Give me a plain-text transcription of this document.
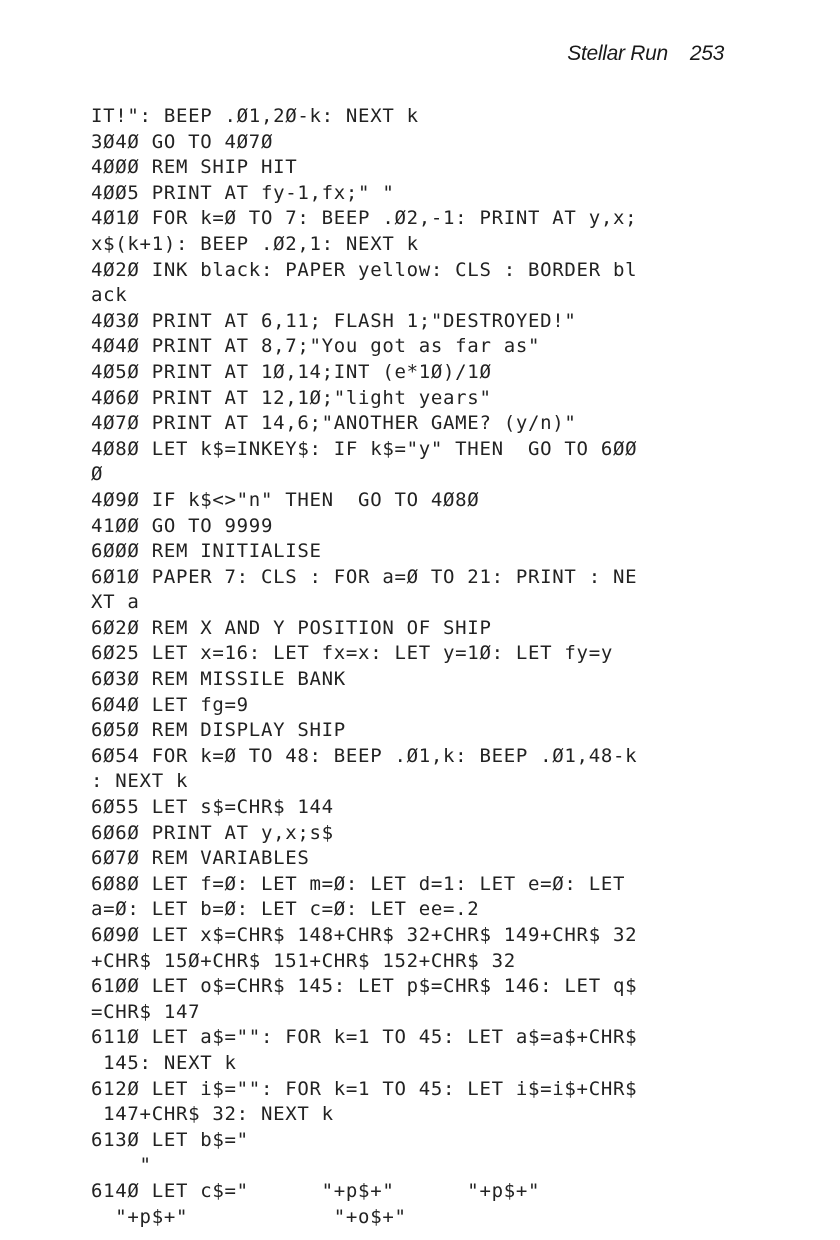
Stellar Run 253
IT!": BEEP .Ø1,2Ø-k: NEXT k
3Ø4Ø GO TO 4Ø7Ø
4ØØØ REM SHIP HIT
4ØØ5 PRINT AT fy-1,fx;" "
4Ø1Ø FOR k=Ø TO 7: BEEP .Ø2,-1: PRINT AT y,x;
x$(k+1): BEEP .Ø2,1: NEXT k
4Ø2Ø INK black: PAPER yellow: CLS : BORDER bl
ack
4Ø3Ø PRINT AT 6,11; FLASH 1;"DESTROYED!"
4Ø4Ø PRINT AT 8,7;"You got as far as"
4Ø5Ø PRINT AT 1Ø,14;INT (e*1Ø)/1Ø
4Ø6Ø PRINT AT 12,1Ø;"light years"
4Ø7Ø PRINT AT 14,6;"ANOTHER GAME? (y/n)"
4Ø8Ø LET k$=INKEY$: IF k$="y" THEN  GO TO 6ØØ
Ø
4Ø9Ø IF k$<>"n" THEN  GO TO 4Ø8Ø
41ØØ GO TO 9999
6ØØØ REM INITIALISE
6Ø1Ø PAPER 7: CLS : FOR a=Ø TO 21: PRINT : NE
XT a
6Ø2Ø REM X AND Y POSITION OF SHIP
6Ø25 LET x=16: LET fx=x: LET y=1Ø: LET fy=y
6Ø3Ø REM MISSILE BANK
6Ø4Ø LET fg=9
6Ø5Ø REM DISPLAY SHIP
6Ø54 FOR k=Ø TO 48: BEEP .Ø1,k: BEEP .Ø1,48-k
: NEXT k
6Ø55 LET s$=CHR$ 144
6Ø6Ø PRINT AT y,x;s$
6Ø7Ø REM VARIABLES
6Ø8Ø LET f=Ø: LET m=Ø: LET d=1: LET e=Ø: LET
a=Ø: LET b=Ø: LET c=Ø: LET ee=.2
6Ø9Ø LET x$=CHR$ 148+CHR$ 32+CHR$ 149+CHR$ 32
+CHR$ 15Ø+CHR$ 151+CHR$ 152+CHR$ 32
61ØØ LET o$=CHR$ 145: LET p$=CHR$ 146: LET q$
=CHR$ 147
611Ø LET a$="": FOR k=1 TO 45: LET a$=a$+CHR$
145: NEXT k
612Ø LET i$="": FOR k=1 TO 45: LET i$=i$+CHR$
147+CHR$ 32: NEXT k
613Ø LET b$="
"
614Ø LET c$="      "+p$+"      "+p$+"
"+p$+"            "+o$+"
